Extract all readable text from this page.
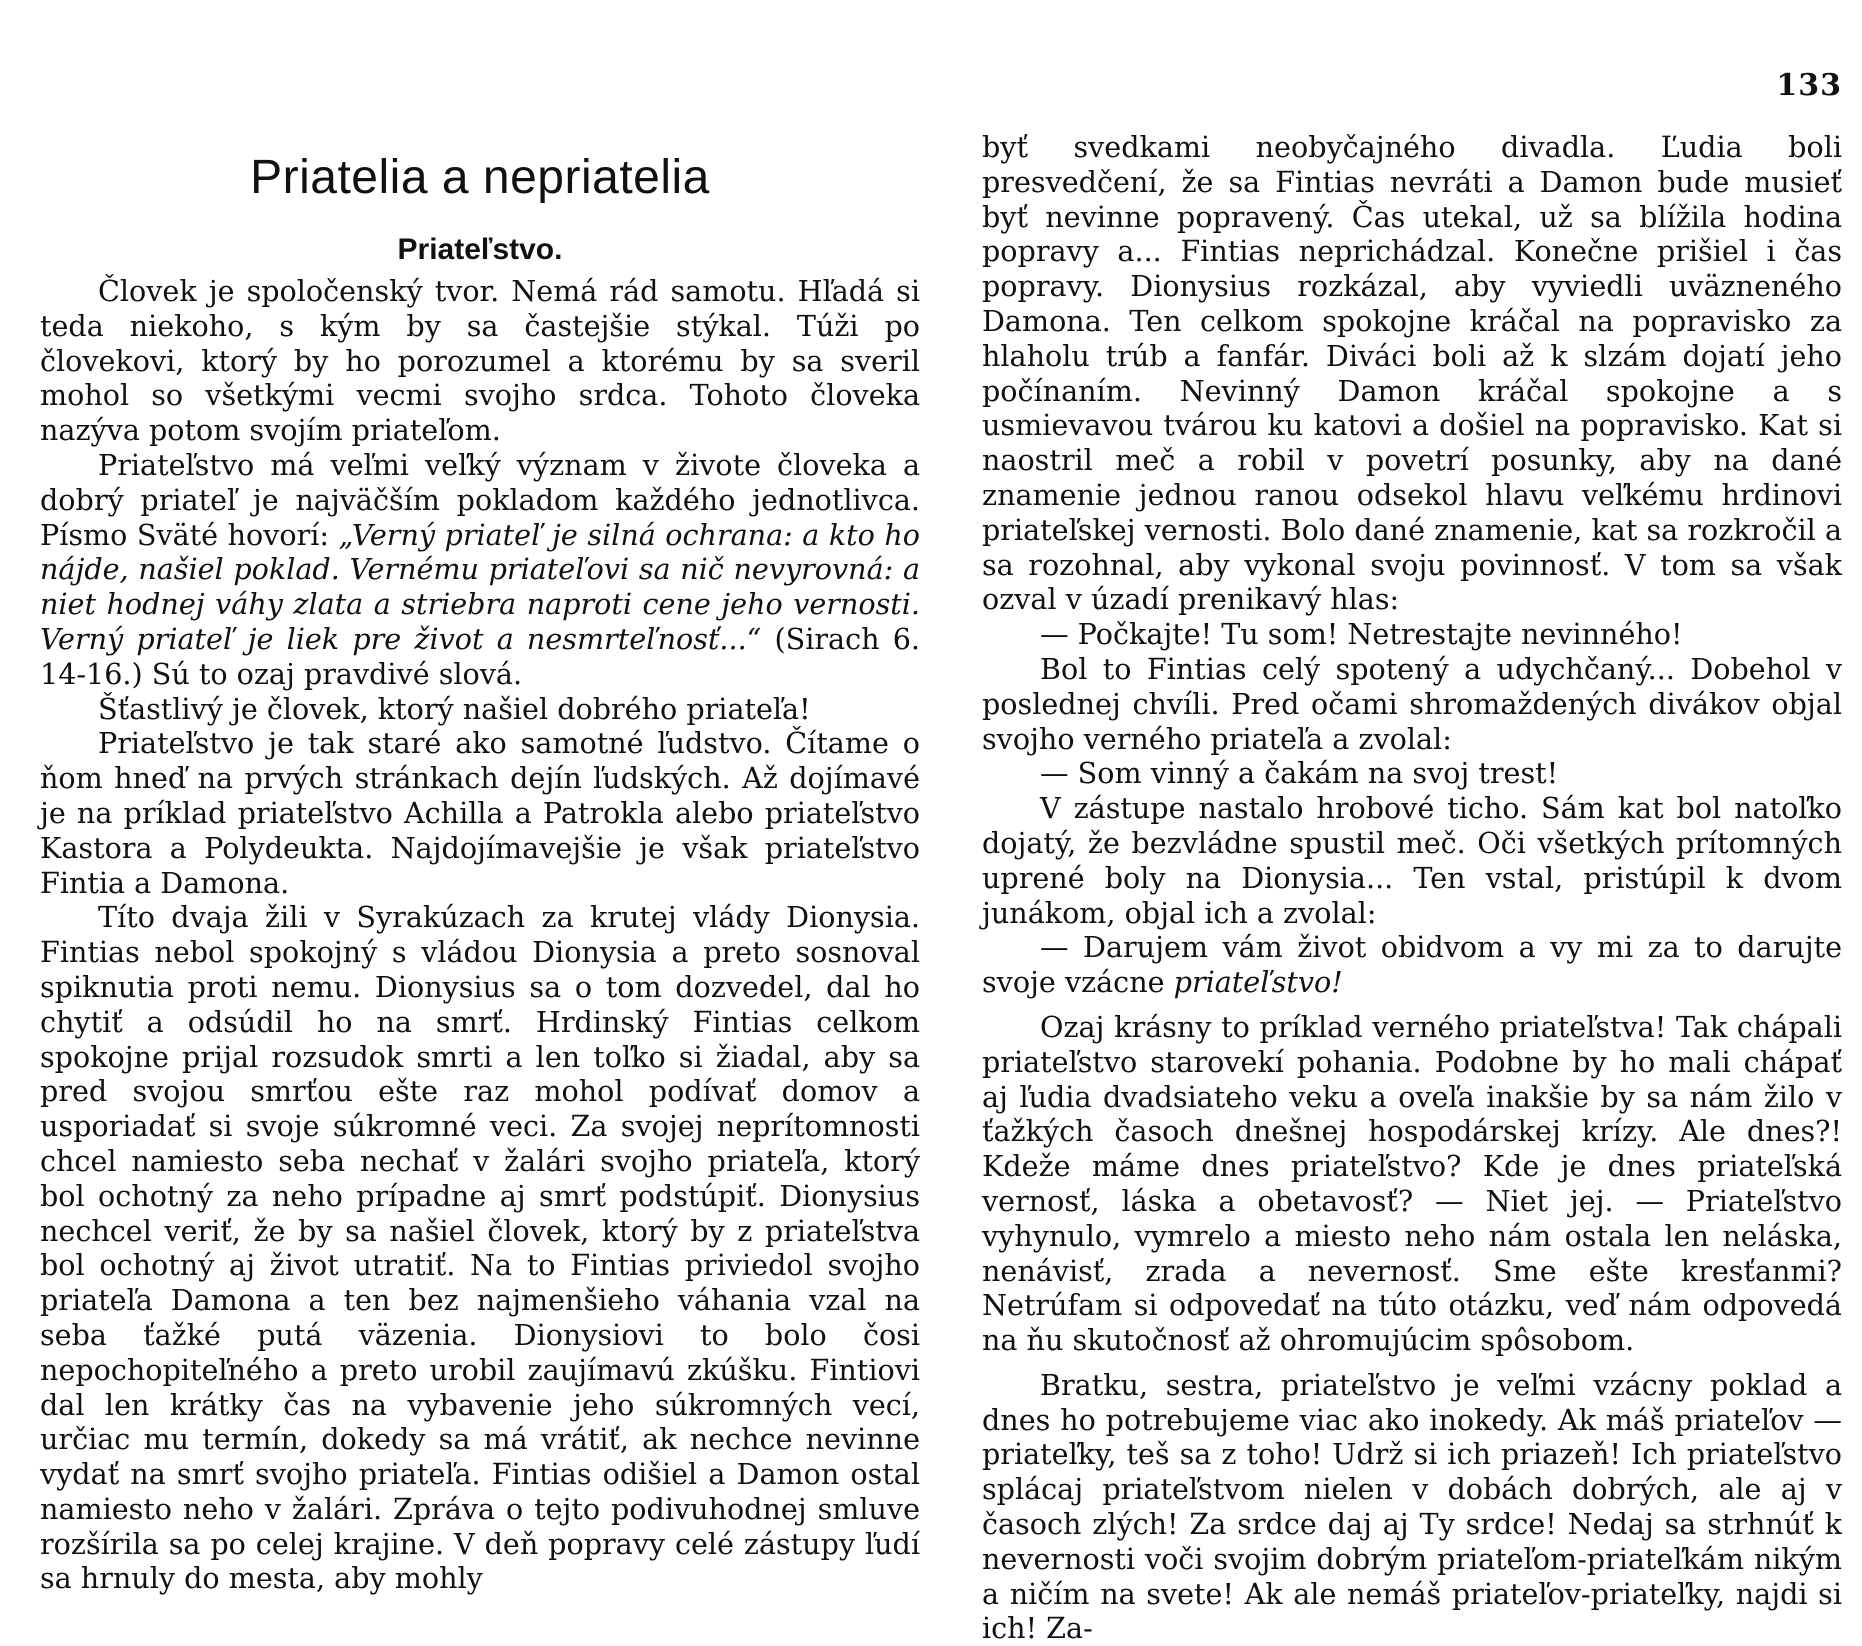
133
Priatelia a nepriatelia
Priateľstvo.

Človek je spoločenský tvor. Nemá rád samotu. Hľadá si teda niekoho, s kým by sa častejšie stýkal. Túži po človekovi, ktorý by ho porozumel a ktorému by sa sveril mohol so všetkými vecmi svojho srdca. Tohoto človeka nazýva potom svojím priateľom.

Priateľstvo má veľmi veľký význam v živote človeka a dobrý priateľ je najväčším pokladom každého jednotlivca. Písmo Sväté hovorí: „Verný priateľ je silná ochrana: a kto ho nájde, našiel poklad. Vernému priateľovi sa nič nevyrovná: a niet hodnej váhy zlata a striebra naproti cene jeho vernosti. Verný priateľ je liek pre život a nesmrteľnosť...“ (Sirach 6. 14-16.) Sú to ozaj pravdivé slová.

Šťastlivý je človek, ktorý našiel dobrého priateľa!

Priateľstvo je tak staré ako samotné ľudstvo. Čítame o ňom hneď na prvých stránkach dejín ľudských. Až dojímavé je na príklad priateľstvo Achilla a Patrokla alebo priateľstvo Kastora a Polydeukta. Najdojímavejšie je však priateľstvo Fintia a Damona.

Títo dvaja žili v Syrakúzach za krutej vlády Dionysia. Fintias nebol spokojný s vládou Dionysia a preto sosnoval spiknutia proti nemu. Dionysius sa o tom dozvedel, dal ho chytiť a odsúdil ho na smrť. Hrdinský Fintias celkom spokojne prijal rozsudok smrti a len toľko si žiadal, aby sa pred svojou smrťou ešte raz mohol podívať domov a usporiadať si svoje súkromné veci. Za svojej neprítomnosti chcel namiesto seba nechať v žalári svojho priateľa, ktorý bol ochotný za neho prípadne aj smrť podstúpiť. Dionysius nechcel veriť, že by sa našiel človek, ktorý by z priateľstva bol ochotný aj život utratiť. Na to Fintias priviedol svojho priateľa Damona a ten bez najmenšieho váhania vzal na seba ťažké putá väzenia. Dionysiovi to bolo čosi nepochopiteľného a preto urobil zaujímavú zkúšku. Fintiovi dal len krátky čas na vybavenie jeho súkromných vecí, určiac mu termín, dokedy sa má vrátiť, ak nechce nevinne vydať na smrť svojho priateľa. Fintias odišiel a Damon ostal namiesto neho v žalári. Zpráva o tejto podivuhodnej smluve rozšírila sa po celej krajine. V deň popravy celé zástupy ľudí sa hrnuly do mesta, aby mohly

byť svedkami neobyčajného divadla. Ľudia boli presvedčení, že sa Fintias nevráti a Damon bude musieť byť nevinne popravený. Čas utekal, už sa blížila hodina popravy a... Fintias neprichádzal. Konečne prišiel i čas popravy. Dionysius rozkázal, aby vyviedli uväzneného Damona. Ten celkom spokojne kráčal na popravisko za hlaholu trúb a fanfár. Diváci boli až k slzám dojatí jeho počínaním. Nevinný Damon kráčal spokojne a s usmievavou tvárou ku katovi a došiel na popravisko. Kat si naostril meč a robil v povetrí posunky, aby na dané znamenie jednou ranou odsekol hlavu veľkému hrdinovi priateľskej vernosti. Bolo dané znamenie, kat sa rozkročil a sa rozohnal, aby vykonal svoju povinnosť. V tom sa však ozval v úzadí prenikavý hlas:

— Počkajte! Tu som! Netrestajte nevinného!

Bol to Fintias celý spotený a udychčaný... Dobehol v poslednej chvíli. Pred očami shromaždených divákov objal svojho verného priateľa a zvolal:

— Som vinný a čakám na svoj trest!

V zástupe nastalo hrobové ticho. Sám kat bol natoľko dojatý, že bezvládne spustil meč. Oči všetkých prítomných uprené boly na Dionysia... Ten vstal, pristúpil k dvom junákom, objal ich a zvolal:

— Darujem vám život obidvom a vy mi za to darujte svoje vzácne priateľstvo!

Ozaj krásny to príklad verného priateľstva! Tak chápali priateľstvo starovekí pohania. Podobne by ho mali chápať aj ľudia dvadsiateho veku a oveľa inakšie by sa nám žilo v ťažkých časoch dnešnej hospodárskej krízy. Ale dnes?! Kdeže máme dnes priateľstvo? Kde je dnes priateľská vernosť, láska a obetavosť? — Niet jej. — Priateľstvo vyhynulo, vymrelo a miesto neho nám ostala len neláska, nenávisť, zrada a nevernosť. Sme ešte kresťanmi? Netrúfam si odpovedať na túto otázku, veď nám odpovedá na ňu skutočnosť až ohromujúcim spôsobom.

Bratku, sestra, priateľstvo je veľmi vzácny poklad a dnes ho potrebujeme viac ako inokedy. Ak máš priateľov — priateľky, teš sa z toho! Udrž si ich priazeň! Ich priateľstvo splácaj priateľstvom nielen v dobách dobrých, ale aj v časoch zlých! Za srdce daj aj Ty srdce! Nedaj sa strhnúť k nevernosti voči svojim dobrým priateľom-priateľkám nikým a ničím na svete! Ak ale nemáš priateľov-priateľky, najdi si ich! Za-
